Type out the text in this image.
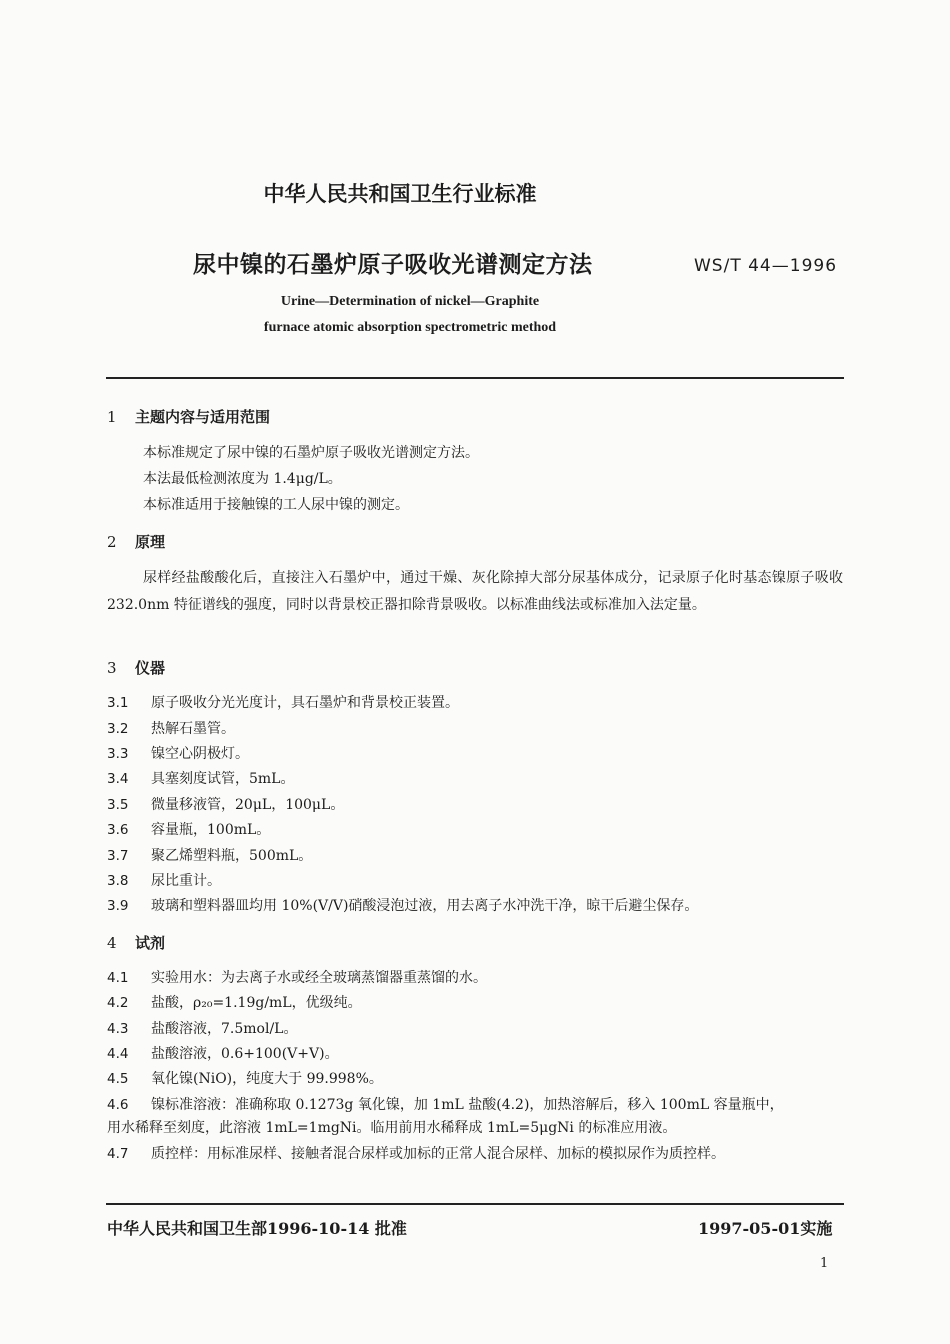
中华人民共和国卫生行业标准
尿中镍的石墨炉原子吸收光谱测定方法	WS/T 44—1996
Urine—Determination of nickel—Graphite
furnace atomic absorption spectrometric method
1 主题内容与适用范围
本标准规定了尿中镍的石墨炉原子吸收光谱测定方法。
本法最低检测浓度为 1.4μg/L。
本标准适用于接触镍的工人尿中镍的测定。
2 原理
尿样经盐酸酸化后，直接注入石墨炉中，通过干燥、灰化除掉大部分尿基体成分，记录原子化时基态镍原子吸收 232.0nm 特征谱线的强度，同时以背景校正器扣除背景吸收。以标准曲线法或标准加入法定量。
3 仪器
3.1 原子吸收分光光度计，具石墨炉和背景校正装置。
3.2 热解石墨管。
3.3 镍空心阴极灯。
3.4 具塞刻度试管，5mL。
3.5 微量移液管，20μL，100μL。
3.6 容量瓶，100mL。
3.7 聚乙烯塑料瓶，500mL。
3.8 尿比重计。
3.9 玻璃和塑料器皿均用 10%(V/V)硝酸浸泡过液，用去离子水冲洗干净，晾干后避尘保存。
4 试剂
4.1 实验用水：为去离子水或经全玻璃蒸馏器重蒸馏的水。
4.2 盐酸，ρ₂₀=1.19g/mL，优级纯。
4.3 盐酸溶液，7.5mol/L。
4.4 盐酸溶液，0.6+100(V+V)。
4.5 氧化镍(NiO)，纯度大于 99.998%。
4.6 镍标准溶液：准确称取 0.1273g 氧化镍，加 1mL 盐酸(4.2)，加热溶解后，移入 100mL 容量瓶中，
用水稀释至刻度，此溶液 1mL=1mgNi。临用前用水稀释成 1mL=5μgNi 的标准应用液。
4.7 质控样：用标准尿样、接触者混合尿样或加标的正常人混合尿样、加标的模拟尿作为质控样。
中华人民共和国卫生部1996-10-14 批准	1997-05-01实施
1
